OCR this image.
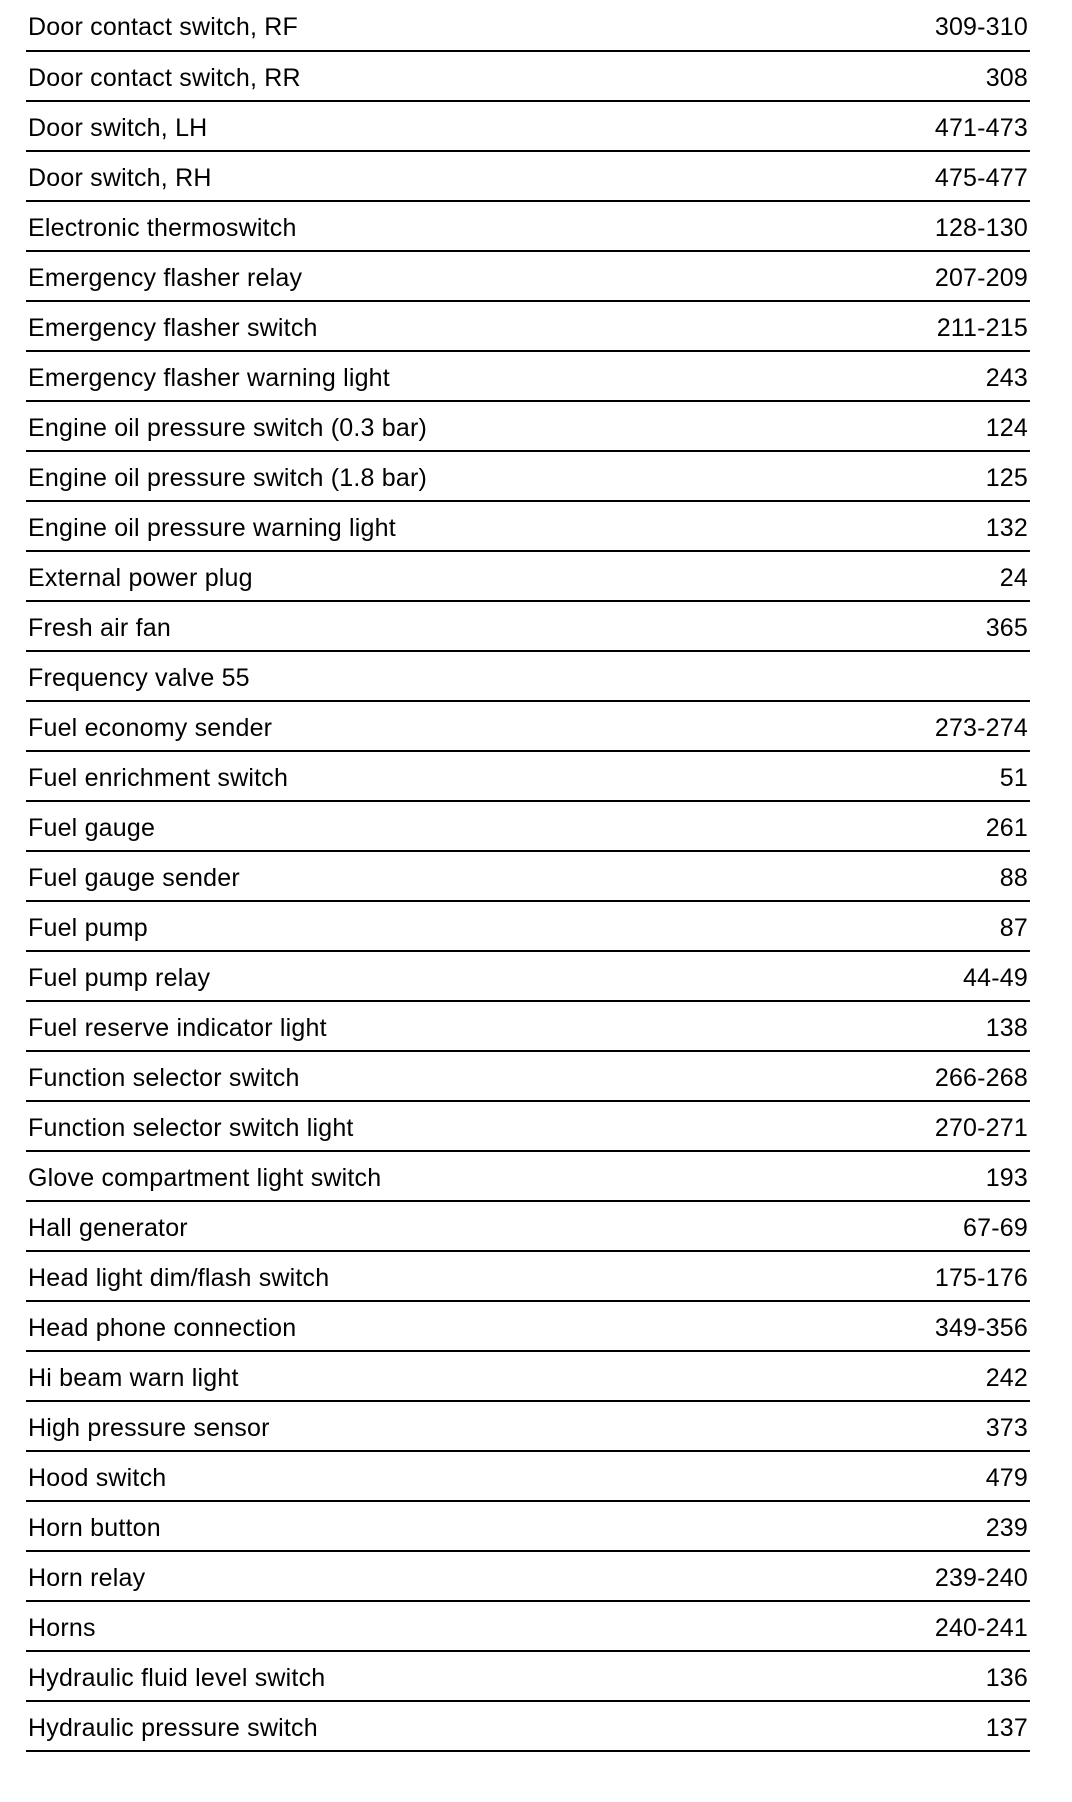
Door contact switch, RF	309-310
Door contact switch, RR	308
Door switch, LH	471-473
Door switch, RH	475-477
Electronic thermoswitch	128-130
Emergency flasher relay	207-209
Emergency flasher switch	211-215
Emergency flasher warning light	243
Engine oil pressure switch (0.3 bar)	124
Engine oil pressure switch (1.8 bar)	125
Engine oil pressure warning light	132
External power plug	24
Fresh air fan	365
Frequency valve 55
Fuel economy sender	273-274
Fuel enrichment switch	51
Fuel gauge	261
Fuel gauge sender	88
Fuel pump	87
Fuel pump relay	44-49
Fuel reserve indicator light	138
Function selector switch	266-268
Function selector switch light	270-271
Glove compartment light switch	193
Hall generator	67-69
Head light dim/flash switch	175-176
Head phone connection	349-356
Hi beam warn light	242
High pressure sensor	373
Hood switch	479
Horn button	239
Horn relay	239-240
Horns	240-241
Hydraulic fluid level switch	136
Hydraulic pressure switch	137
